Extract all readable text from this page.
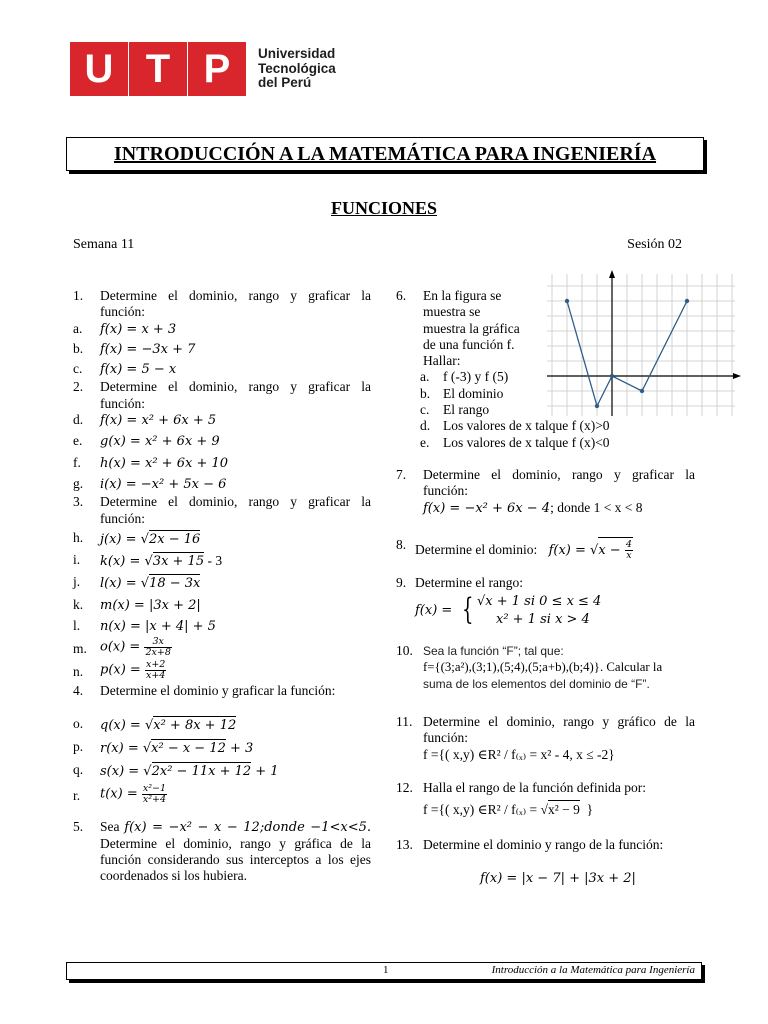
U T P	Universidad
Tecnológica
del Perú
INTRODUCCIÓN A LA MATEMÁTICA PARA INGENIERÍA
FUNCIONES
Semana 11	Sesión 02
1. Determine el dominio, rango y graficar la función:
a. 𝑓(𝑥) = 𝑥 + 3
b. 𝑓(𝑥) = −3𝑥 + 7
c. 𝑓(𝑥) = 5 − 𝑥
2. Determine el dominio, rango y graficar la función:
d. 𝑓(𝑥) = 𝑥² + 6𝑥 + 5
e. 𝑔(𝑥) = 𝑥² + 6𝑥 + 9
f. ℎ(𝑥) = 𝑥² + 6𝑥 + 10
g. 𝑖(𝑥) = −𝑥² + 5𝑥 − 6
3. Determine el dominio, rango y graficar la función:
h. 𝑗(𝑥) = √2𝑥 − 16
i. 𝑘(𝑥) = √3𝑥 + 15 - 3
j. 𝑙(𝑥) = √18 − 3𝑥
k. 𝑚(𝑥) = |3𝑥 + 2|
l. 𝑛(𝑥) = |𝑥 + 4| + 5
m. 𝑜(𝑥) = $\frac{\text{3𝑥}}{\text{2𝑥+8}}$
n. 𝑝(𝑥) = $\frac{\text{𝑥+2}}{\text{𝑥+4}}$
4. Determine el dominio y graficar la función:
o. 𝑞(𝑥) = √𝑥² + 8𝑥 + 12
p. 𝑟(𝑥) = √𝑥² − 𝑥 − 12 + 3
q. 𝑠(𝑥) = √2𝑥² − 11𝑥 + 12 + 1
r. 𝑡(𝑥) = $\frac{\text{𝑥²−1}}{\text{𝑥²+4}}$
5. Sea 𝑓(𝑥) = −𝑥² − 𝑥 − 12;donde −1<𝑥<5. Determine el dominio, rango y gráfica de la función considerando sus interceptos a los ejes coordenados si los hubiera.
6. En la figura se
muestra se
muestra la gráfica
de una función f.
Hallar:
a. f (-3) y f (5)
b. El dominio
c. El rango
d. Los valores de x talque f (x)>0
e. Los valores de x talque f (x)<0
7. Determine el dominio, rango y graficar la función:
𝑓(𝑥) = −𝑥² + 6𝑥 − 4; donde 1 < x < 8
8. Determine el dominio: 𝑓(𝑥) = √𝑥 − $\frac{4}{\text{𝑥}}$
9. Determine el rango:
𝑓(𝑥) = { √𝑥 + 1 𝑠𝑖 0 ≤ 𝑥 ≤ 4
𝑥² + 1 𝑠𝑖 𝑥 > 4
10. Sea la función “F”; tal que:
f={(3;a²),(3;1),(5;4),(5;a+b),(b;4)}. Calcular la
suma de los elementos del dominio de “F”.
11. Determine el dominio, rango y gráfico de la función:
f ={( x,y) ∈R² / f₍ₓ₎ = x² - 4, x ≤ -2}
12. Halla el rango de la función definida por:
f ={( x,y) ∈R² / f₍ₓ₎ = √x² − 9  }
13. Determine el dominio y rango de la función:
𝑓(𝑥) = |𝑥 − 7| + |3𝑥 + 2|
1	Introducción a la Matemática para Ingeniería
